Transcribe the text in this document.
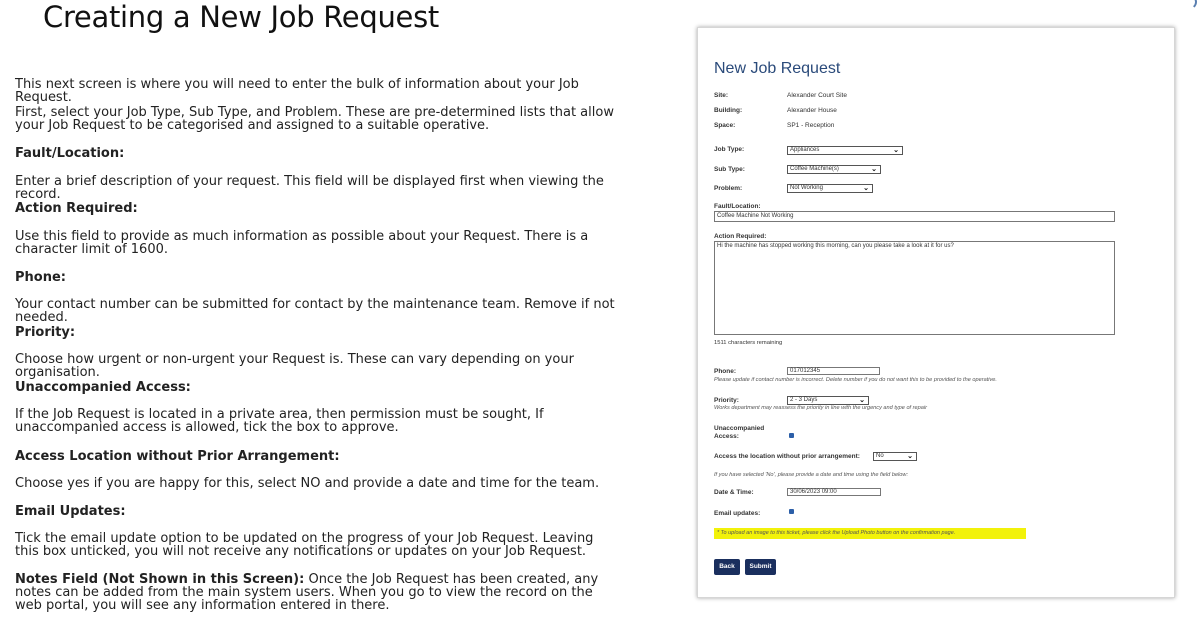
Creating a New Job Request
This next screen is where you will need to enter the bulk of information about your Job Request.
First, select your Job Type, Sub Type, and Problem. These are pre-determined lists that allow your Job Request to be categorised and assigned to a suitable operative.
Fault/Location:
Enter a brief description of your request. This field will be displayed first when viewing the record.
Action Required:
Use this field to provide as much information as possible about your Request. There is a character limit of 1600.
Phone:
Your contact number can be submitted for contact by the maintenance team. Remove if not needed.
Priority:
Choose how urgent or non-urgent your Request is. These can vary depending on your organisation.
Unaccompanied Access:
If the Job Request is located in a private area, then permission must be sought, If unaccompanied access is allowed, tick the box to approve.
Access Location without Prior Arrangement:
Choose yes if you are happy for this, select NO and provide a date and time for the team.
Email Updates:
Tick the email update option to be updated on the progress of your Job Request. Leaving this box unticked, you will not receive any notifications or updates on your Job Request.
Notes Field (Not Shown in this Screen): Once the Job Request has been created, any notes can be added from the main system users. When you go to view the record on the web portal, you will see any information entered in there.
New Job Request
Site:	Alexander Court Site
Building:	Alexander House
Space:	SP1 - Reception
Job Type:	Appliances	⌄
Sub Type:	Coffee Machine(s)	⌄
Problem:	Not Working	⌄
Fault/Location:
Coffee Machine Not Working
Action Required:
Hi the machine has stopped working this morning, can you please take a look at it for us?
1511 characters remaining
Phone:	017012345
Please update if contact number is incorrect. Delete number if you do not want this to be provided to the operative.
Priority:	2 - 3 Days	⌄
Works department may reassess the priority in line with the urgency and type of repair
Unaccompanied
Access:
Access the location without prior arrangement:	No	⌄
If you have selected 'No', please provide a date and time using the field below:
Date & Time:	30/06/2023 09:00
Email updates:
* To upload an image to this ticket, please click the Upload Photo button on the confirmation page.
Back	Submit
